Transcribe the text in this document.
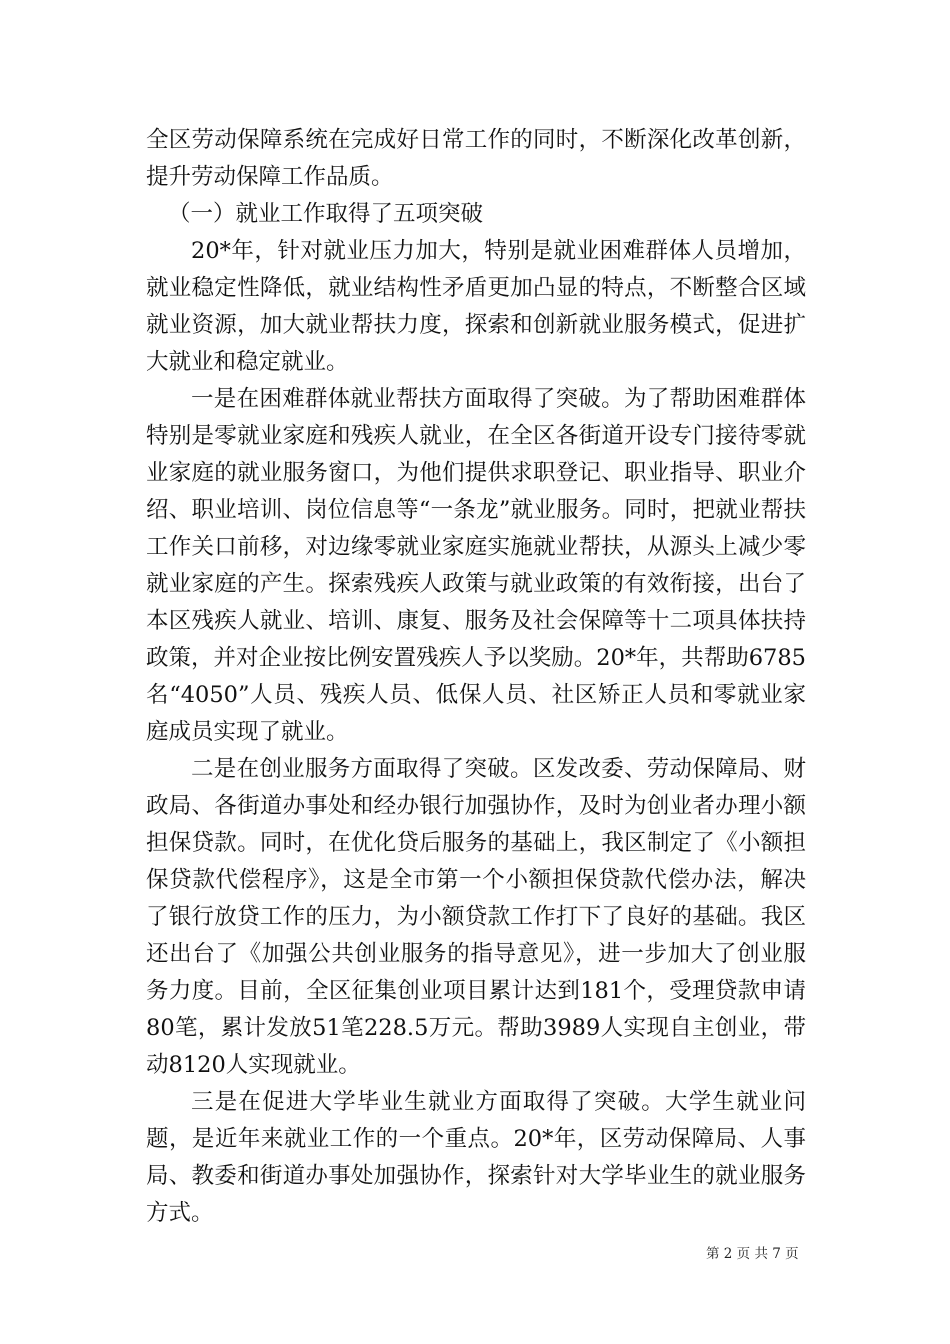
全区劳动保障系统在完成好日常工作的同时，不断深化改革创新，提升劳动保障工作品质。

（一）就业工作取得了五项突破

20*年，针对就业压力加大，特别是就业困难群体人员增加，就业稳定性降低，就业结构性矛盾更加凸显的特点，不断整合区域就业资源，加大就业帮扶力度，探索和创新就业服务模式，促进扩大就业和稳定就业。

一是在困难群体就业帮扶方面取得了突破。为了帮助困难群体特别是零就业家庭和残疾人就业，在全区各街道开设专门接待零就业家庭的就业服务窗口，为他们提供求职登记、职业指导、职业介绍、职业培训、岗位信息等“一条龙”就业服务。同时，把就业帮扶工作关口前移，对边缘零就业家庭实施就业帮扶，从源头上减少零就业家庭的产生。探索残疾人政策与就业政策的有效衔接，出台了本区残疾人就业、培训、康复、服务及社会保障等十二项具体扶持政策，并对企业按比例安置残疾人予以奖励。20*年，共帮助6785名“4050”人员、残疾人员、低保人员、社区矫正人员和零就业家庭成员实现了就业。

二是在创业服务方面取得了突破。区发改委、劳动保障局、财政局、各街道办事处和经办银行加强协作，及时为创业者办理小额担保贷款。同时，在优化贷后服务的基础上，我区制定了《小额担保贷款代偿程序》，这是全市第一个小额担保贷款代偿办法，解决了银行放贷工作的压力，为小额贷款工作打下了良好的基础。我区还出台了《加强公共创业服务的指导意见》，进一步加大了创业服务力度。目前，全区征集创业项目累计达到181个，受理贷款申请80笔，累计发放51笔228.5万元。帮助3989人实现自主创业，带动8120人实现就业。

三是在促进大学毕业生就业方面取得了突破。大学生就业问题，是近年来就业工作的一个重点。20*年，区劳动保障局、人事局、教委和街道办事处加强协作，探索针对大学毕业生的就业服务方式。

第 2 页 共 7 页
